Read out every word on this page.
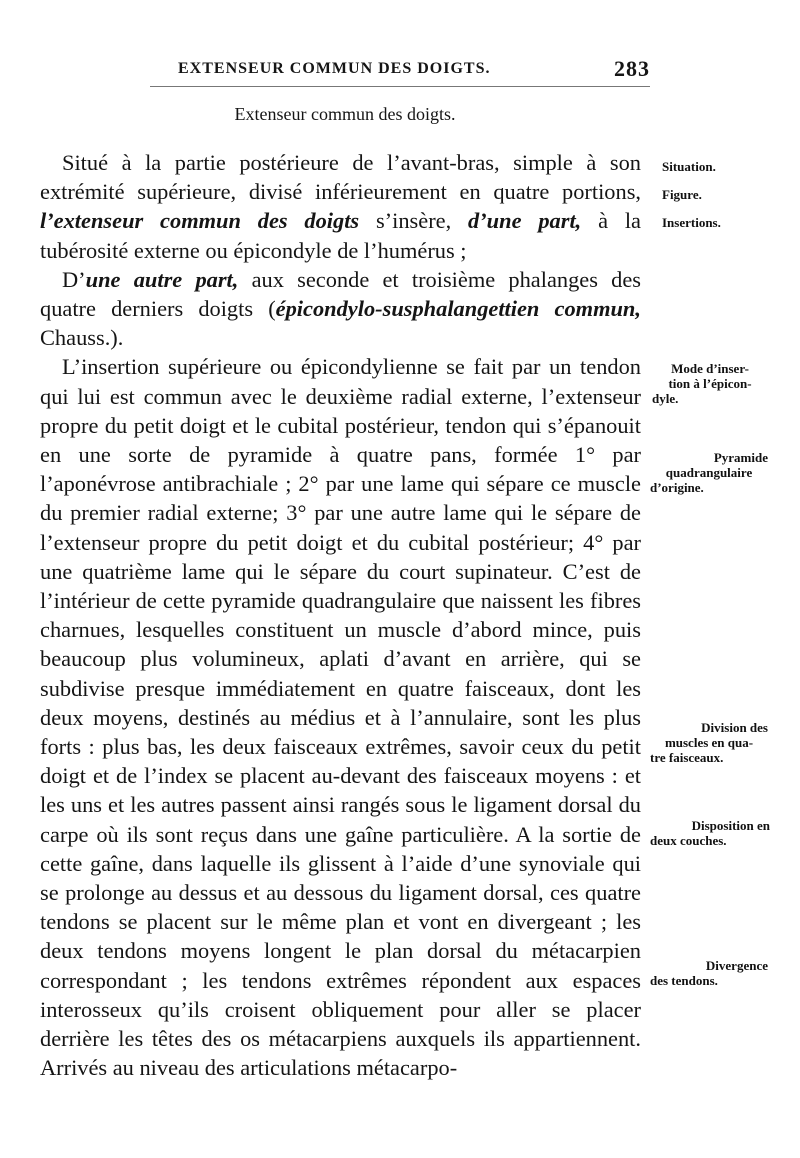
EXTENSEUR COMMUN DES DOIGTS.	283
Extenseur commun des doigts.

Situé à la partie postérieure de l’avant-bras, simple à son extrémité supérieure, divisé inférieurement en quatre portions, l’extenseur commun des doigts s’insère, d’une part, à la tubérosité externe ou épicondyle de l’humérus ;

D’une autre part, aux seconde et troisième phalanges des quatre derniers doigts (épicondylo-susphalangettien commun, Chauss.).

L’insertion supérieure ou épicondylienne se fait par un tendon qui lui est commun avec le deuxième radial externe, l’extenseur propre du petit doigt et le cubital postérieur, tendon qui s’épanouit en une sorte de pyramide à quatre pans, formée 1° par l’aponévrose antibrachiale ; 2° par une lame qui sépare ce muscle du premier radial externe; 3° par une autre lame qui le sépare de l’extenseur propre du petit doigt et du cubital postérieur; 4° par une quatrième lame qui le sépare du court supinateur. C’est de l’intérieur de cette pyramide quadrangulaire que naissent les fibres charnues, lesquelles constituent un muscle d’abord mince, puis beaucoup plus volumineux, aplati d’avant en arrière, qui se subdivise presque immédiatement en quatre faisceaux, dont les deux moyens, destinés au médius et à l’annulaire, sont les plus forts : plus bas, les deux faisceaux extrêmes, savoir ceux du petit doigt et de l’index se placent au-devant des faisceaux moyens : et les uns et les autres passent ainsi rangés sous le ligament dorsal du carpe où ils sont reçus dans une gaîne particulière. A la sortie de cette gaîne, dans laquelle ils glissent à l’aide d’une synoviale qui se prolonge au dessus et au dessous du ligament dorsal, ces quatre tendons se placent sur le même plan et vont en divergeant ; les deux tendons moyens longent le plan dorsal du métacarpien correspondant ; les tendons extrêmes répondent aux espaces interosseux qu’ils croisent obliquement pour aller se placer derrière les têtes des os métacarpiens auxquels ils appartiennent. Arrivés au niveau des articulations métacarpo-

Situation.
Figure.
Insertions.
Mode d’inser-
tion à l’épicon-
dyle.
Pyramide
quadrangulaire
d’origine.
Division des
muscles en qua-
tre faisceaux.
Disposition en
deux couches.
Divergence
des tendons.
